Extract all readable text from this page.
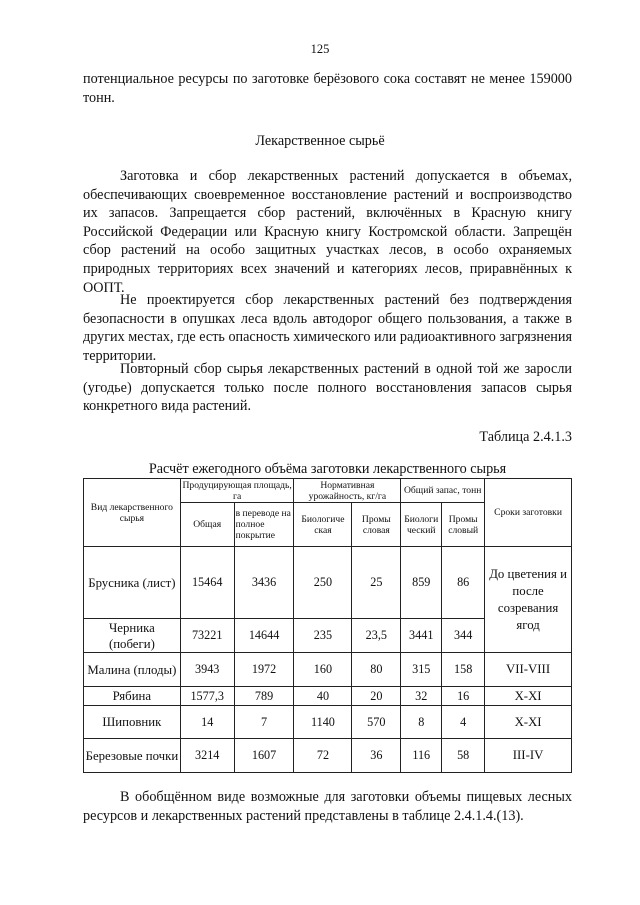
125

потенциальное ресурсы по заготовке берёзового сока составят не менее 159000 тонн.

Лекарственное сырьё

Заготовка и сбор лекарственных растений допускается в объемах, обеспечивающих своевременное восстановление растений и воспроизводство их запасов. Запрещается сбор растений, включённых в Красную книгу Российской Федерации или Красную книгу Костромской области. Запрещён сбор растений на особо защитных участках лесов, в особо охраняемых природных территориях всех значений и категориях лесов, приравнённых к ООПТ.

Не проектируется сбор лекарственных растений без подтверждения безопасности в опушках леса вдоль автодорог общего пользования, а также в других местах, где есть опасность химического или радиоактивного загрязнения территории.

Повторный сбор сырья лекарственных растений в одной той же заросли (угодье) допускается только после полного восстановления запасов сырья конкретного вида растений.

Таблица 2.4.1.3
Расчёт ежегодного объёма заготовки лекарственного сырья
Вид лекарственного сырья	Продуцирующая площадь, га		Нормативная урожайность, кг/га		Общий запас, тонн		Сроки заготовки
	Общая	в переводе на полное покрытие	Биологиче ская	Промы словая	Биологи ческий	Промы словый	
Брусника (лист)	15464	3436	250	25	859	86	До цветения и после созревания ягод
Черника (побеги)	73221	14644	235	23,5	3441	344	
Малина (плоды)	3943	1972	160	80	315	158	VII-VIII
Рябина	1577,3	789	40	20	32	16	X-XI
Шиповник	14	7	1140	570	8	4	X-XI
Березовые почки	3214	1607	72	36	116	58	III-IV

В обобщённом виде возможные для заготовки объемы пищевых лесных ресурсов и лекарственных растений представлены в таблице 2.4.1.4.(13).
